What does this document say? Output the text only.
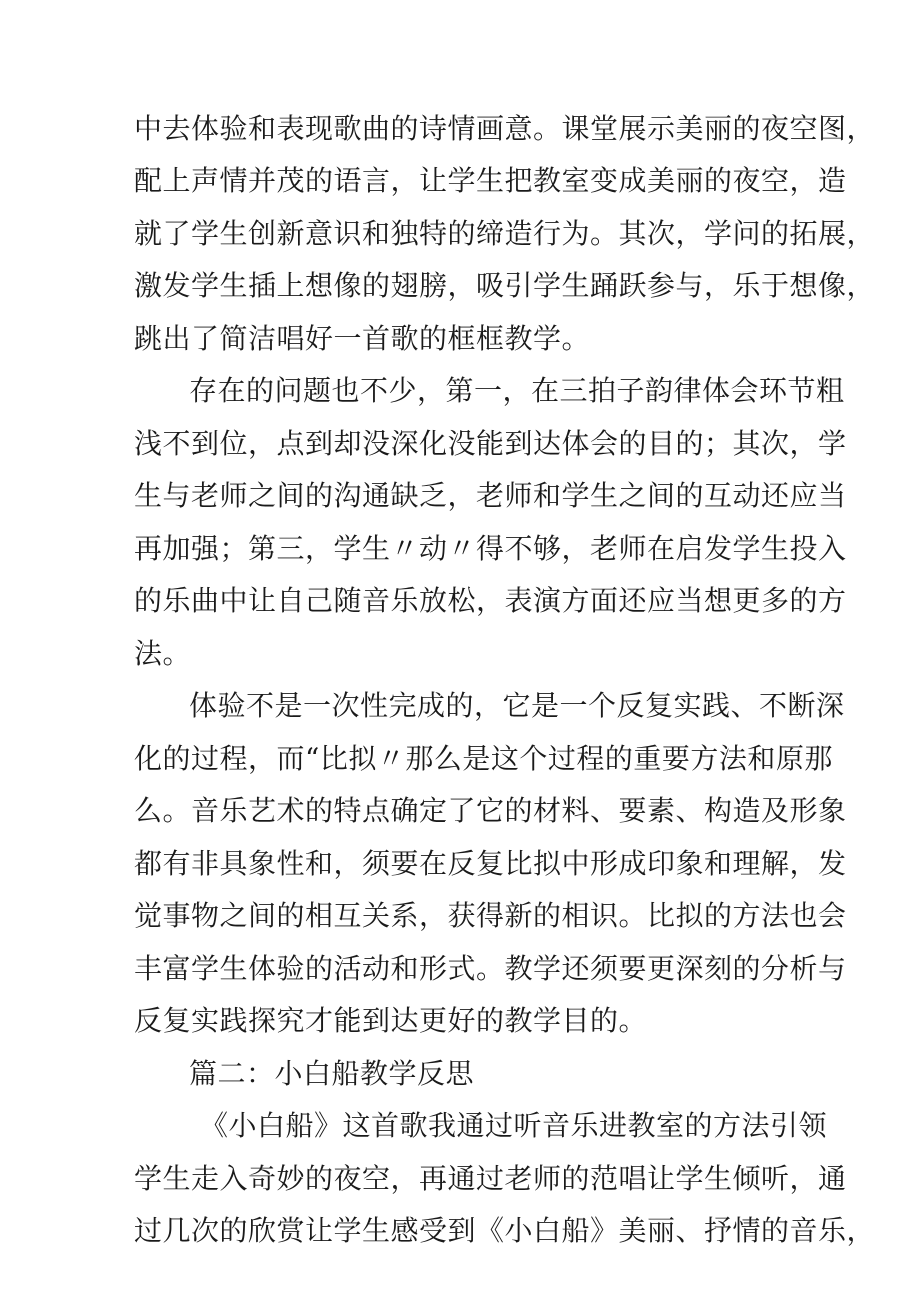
中去体验和表现歌曲的诗情画意。课堂展示美丽的夜空图，
配上声情并茂的语言，让学生把教室变成美丽的夜空，造
就了学生创新意识和独特的缔造行为。其次，学问的拓展，
激发学生插上想像的翅膀，吸引学生踊跃参与，乐于想像，
跳出了简洁唱好一首歌的框框教学。
存在的问题也不少，第一，在三拍子韵律体会环节粗
浅不到位，点到却没深化没能到达体会的目的；其次，学
生与老师之间的沟通缺乏，老师和学生之间的互动还应当
再加强；第三，学生〃动〃得不够，老师在启发学生投入
的乐曲中让自己随音乐放松，表演方面还应当想更多的方
法。
体验不是一次性完成的，它是一个反复实践、不断深
化的过程，而“比拟〃那么是这个过程的重要方法和原那
么。音乐艺术的特点确定了它的材料、要素、构造及形象
都有非具象性和，须要在反复比拟中形成印象和理解，发
觉事物之间的相互关系，获得新的相识。比拟的方法也会
丰富学生体验的活动和形式。教学还须要更深刻的分析与
反复实践探究才能到达更好的教学目的。
篇二：小白船教学反思
《小白船》这首歌我通过听音乐进教室的方法引领
学生走入奇妙的夜空，再通过老师的范唱让学生倾听，通
过几次的欣赏让学生感受到《小白船》美丽、抒情的音乐，
